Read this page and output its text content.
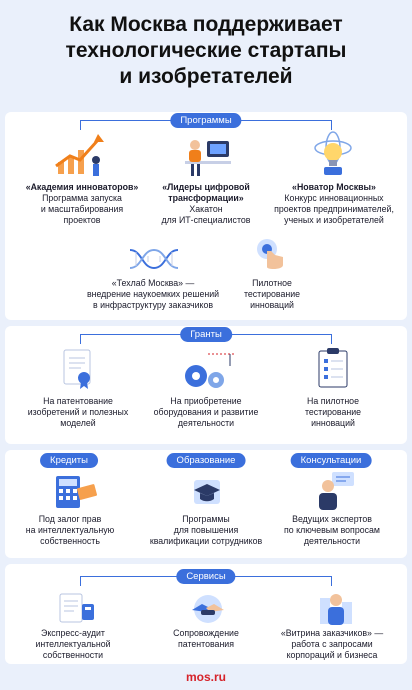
Как Москва поддерживает
технологические стартапы
и изобретателей
Программы
«Академия инноваторов»
Программа запуска
и масштабирования
проектов
«Лидеры цифровой
трансформации»
Хакатон
для ИТ-специалистов
«Новатор Москвы»
Конкурс инновационных
проектов предпринимателей,
ученых и изобретателей
«Техлаб Москва» —
внедрение наукоемких решений
в инфраструктуру заказчиков
Пилотное
тестирование
инноваций
Гранты
На патентование
изобретений и полезных
моделей
На приобретение
оборудования и развитие
деятельности
На пилотное
тестирование
инноваций
Кредиты	Образование	Консультации
Под залог прав
на интеллектуальную
собственность
Программы
для повышения
квалификации сотрудников
Ведущих экспертов
по ключевым вопросам
деятельности
Сервисы
Экспресс-аудит
интеллектуальной
собственности
Сопровождение
патентования
«Витрина заказчиков» —
работа с запросами
корпораций и бизнеса
mos.ru
